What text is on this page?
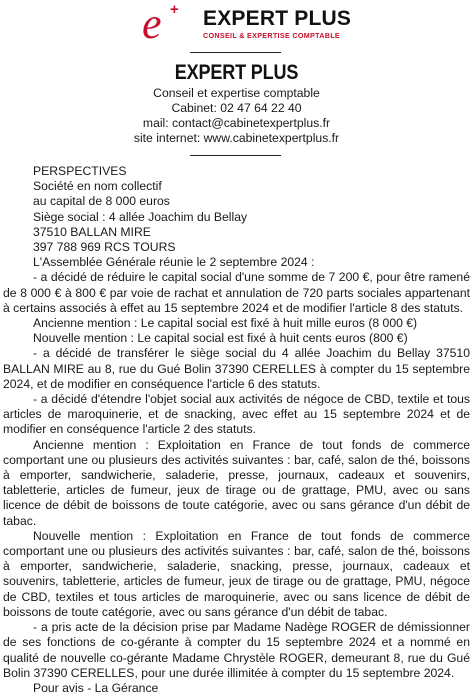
e + EXPERT PLUS
CONSEIL & EXPERTISE COMPTABLE
EXPERT PLUS
Conseil et expertise comptable
Cabinet: 02 47 64 22 40
mail: contact@cabinetexpertplus.fr
site internet: www.cabinetexpertplus.fr

PERSPECTIVES

Société en nom collectif

au capital de 8 000 euros

Siège social : 4 allée Joachim du Bellay

37510 BALLAN MIRE

397 788 969 RCS TOURS

L'Assemblée Générale réunie le 2 septembre 2024 :

- a décidé de réduire le capital social d'une somme de 7 200 €, pour être ramené de 8 000 € à 800 € par voie de rachat et annulation de 720 parts sociales appartenant à certains associés à effet au 15 septembre 2024 et de modifier l'article 8 des statuts.

Ancienne mention : Le capital social est fixé à huit mille euros (8 000 €)

Nouvelle mention : Le capital social est fixé à huit cents euros (800 €)

- a décidé de transférer le siège social du 4 allée Joachim du Bellay 37510 BALLAN MIRE au 8, rue du Gué Bolin 37390 CERELLES à compter du 15 septembre 2024, et de modifier en conséquence l'article 6 des statuts.

- a décidé d'étendre l'objet social aux activités de négoce de CBD, textile et tous articles de maroquinerie, et de snacking, avec effet au 15 septembre 2024 et de modifier en conséquence l'article 2 des statuts.

Ancienne mention : Exploitation en France de tout fonds de commerce comportant une ou plusieurs des activités suivantes : bar, café, salon de thé, boissons à emporter, sandwicherie, saladerie, presse, journaux, cadeaux et souvenirs, tabletterie, articles de fumeur, jeux de tirage ou de grattage, PMU, avec ou sans licence de débit de boissons de toute catégorie, avec ou sans gérance d'un débit de tabac.

Nouvelle mention : Exploitation en France de tout fonds de commerce comportant une ou plusieurs des activités suivantes : bar, café, salon de thé, boissons à emporter, sandwicherie, saladerie, snacking, presse, journaux, cadeaux et souvenirs, tabletterie, articles de fumeur, jeux de tirage ou de grattage, PMU, négoce de CBD, textiles et tous articles de maroquinerie, avec ou sans licence de débit de boissons de toute catégorie, avec ou sans gérance d'un débit de tabac.

- a pris acte de la décision prise par Madame Nadège ROGER de démissionner de ses fonctions de co-gérante à compter du 15 septembre 2024 et a nommé en qualité de nouvelle co-gérante Madame Chrystèle ROGER, demeurant 8, rue du Gué Bolin 37390 CERELLES, pour une durée illimitée à compter du 15 septembre 2024.

Pour avis - La Gérance
